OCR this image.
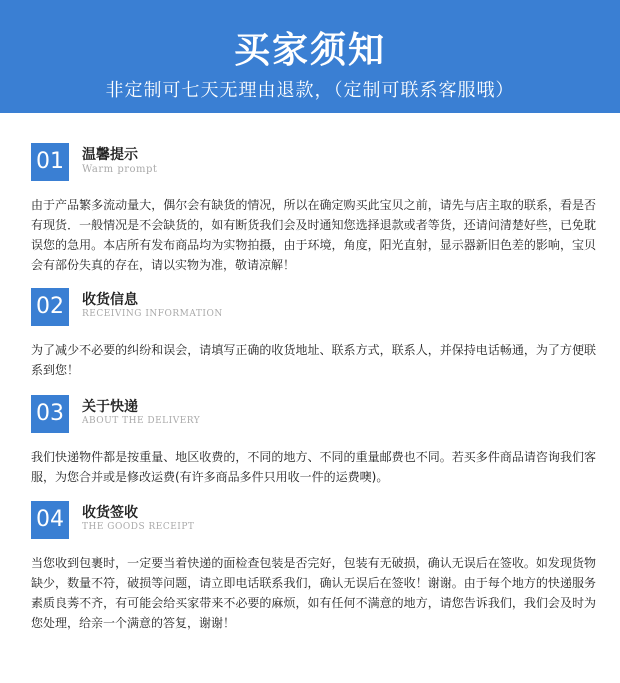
买家须知
非定制可七天无理由退款，（定制可联系客服哦）
01	温馨提示
Warm prompt
由于产品繁多流动量大，偶尔会有缺货的情况，所以在确定购买此宝贝之前，请先与店主取的联系，看是否有现货．一般情况是不会缺货的，如有断货我们会及时通知您选择退款或者等货，还请问清楚好些，已免耽误您的急用。本店所有发布商品均为实物拍摄，由于环境，角度，阳光直射，显示器新旧色差的影响，宝贝会有部份失真的存在，请以实物为准，敬请凉解！
02	收货信息
RECEIVING INFORMATION
为了减少不必要的纠纷和误会，请填写正确的收货地址、联系方式，联系人，并保持电话畅通，为了方便联系到您！
03	关于快递
ABOUT THE DELIVERY
我们快递物件都是按重量、地区收费的，不同的地方、不同的重量邮费也不同。若买多件商品请咨询我们客服，为您合并或是修改运费(有许多商品多件只用收一件的运费噢)。
04	收货签收
THE GOODS RECEIPT
当您收到包裹时，一定要当着快递的面检查包装是否完好，包装有无破损，确认无误后在签收。如发现货物缺少，数量不符，破损等问题，请立即电话联系我们，确认无误后在签收！谢谢。由于每个地方的快递服务素质良莠不齐，有可能会给买家带来不必要的麻烦，如有任何不满意的地方，请您告诉我们，我们会及时为您处理，给亲一个满意的答复，谢谢！
